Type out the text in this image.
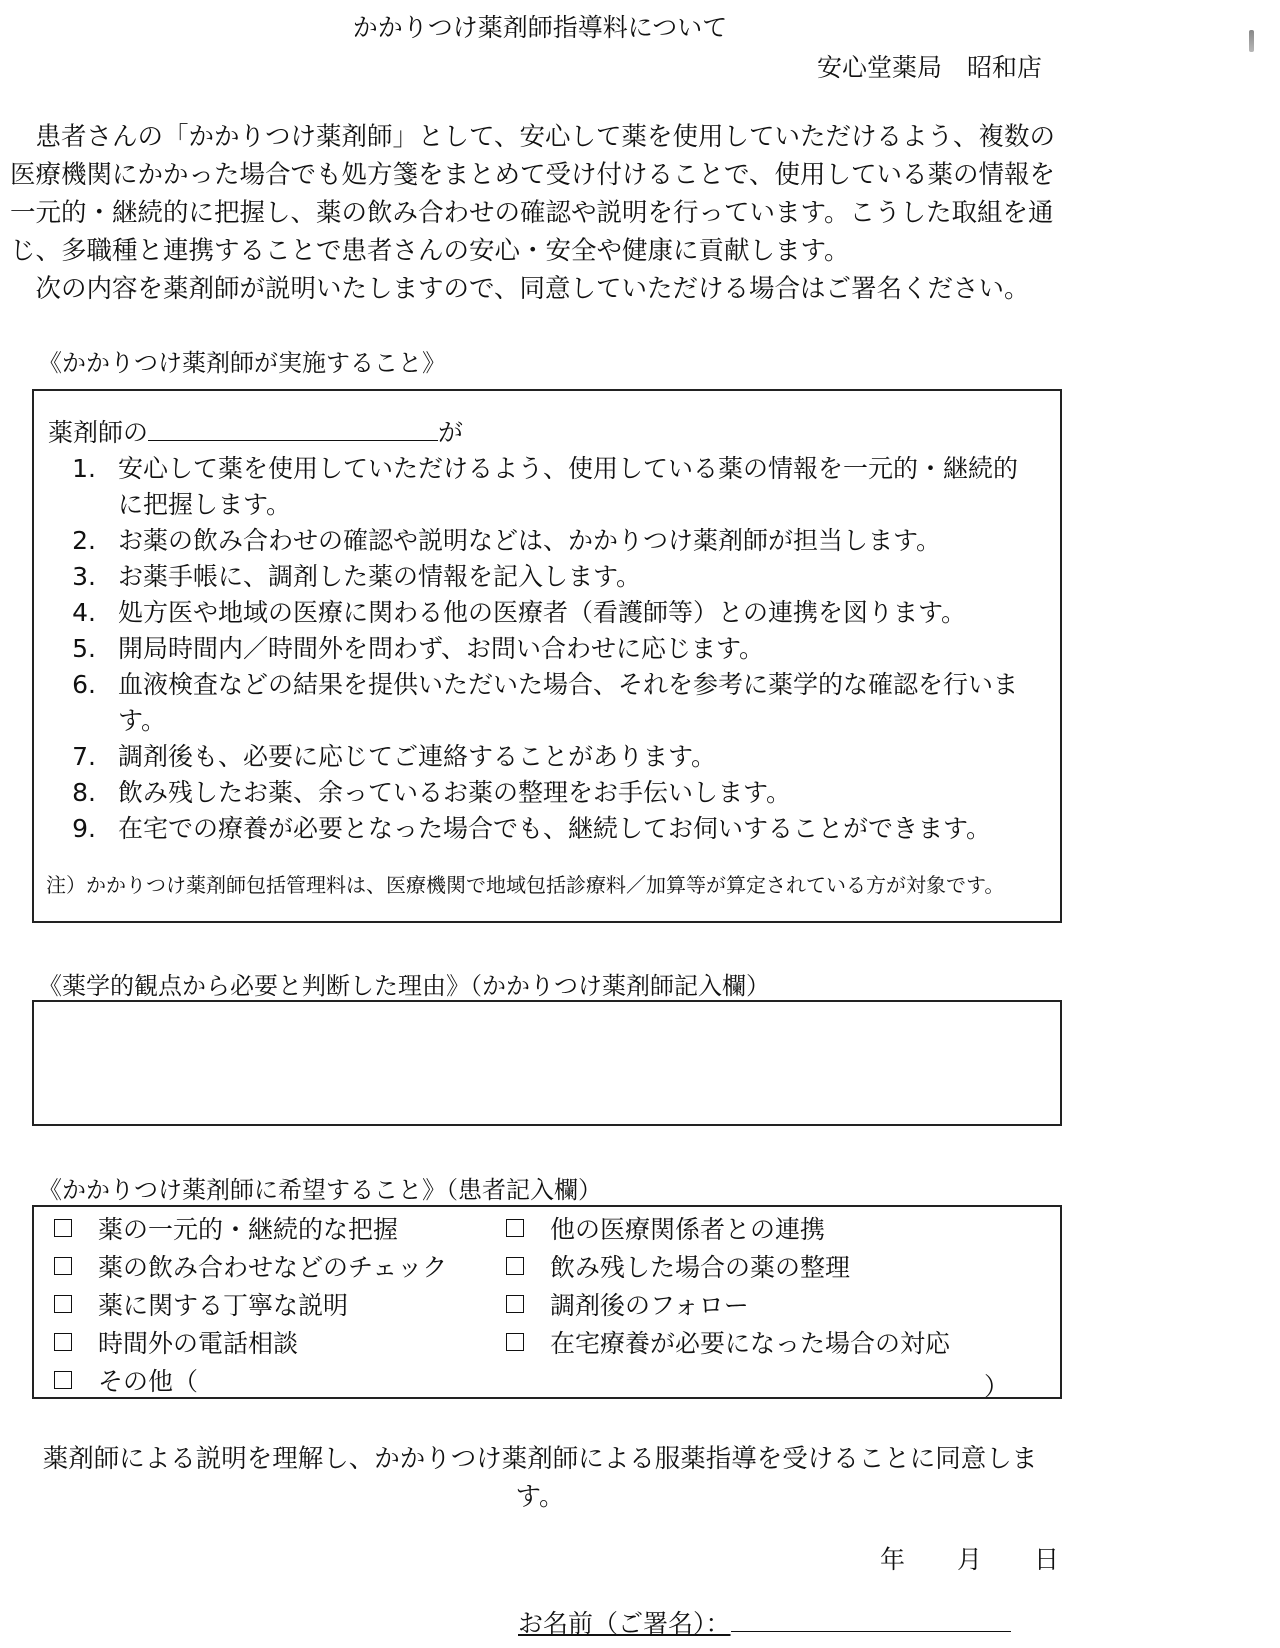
かかりつけ薬剤師指導料について
安心堂薬局　昭和店

患者さんの「かかりつけ薬剤師」として、安心して薬を使用していただけるよう、複数の医療機関にかかった場合でも処方箋をまとめて受け付けることで、使用している薬の情報を一元的・継続的に把握し、薬の飲み合わせの確認や説明を行っています。こうした取組を通じ、多職種と連携することで患者さんの安心・安全や健康に貢献します。

次の内容を薬剤師が説明いたしますので、同意していただける場合はご署名ください。

《かかりつけ薬剤師が実施すること》
薬剤師の	が
1. 安心して薬を使用していただけるよう、使用している薬の情報を一元的・継続的に把握します。
2. お薬の飲み合わせの確認や説明などは、かかりつけ薬剤師が担当します。
3. お薬手帳に、調剤した薬の情報を記入します。
4. 処方医や地域の医療に関わる他の医療者（看護師等）との連携を図ります。
5. 開局時間内／時間外を問わず、お問い合わせに応じます。
6. 血液検査などの結果を提供いただいた場合、それを参考に薬学的な確認を行います。
7. 調剤後も、必要に応じてご連絡することがあります。
8. 飲み残したお薬、余っているお薬の整理をお手伝いします。
9. 在宅での療養が必要となった場合でも、継続してお伺いすることができます。
注）かかりつけ薬剤師包括管理料は、医療機関で地域包括診療料／加算等が算定されている方が対象です。
《薬学的観点から必要と判断した理由》（かかりつけ薬剤師記入欄）
《かかりつけ薬剤師に希望すること》（患者記入欄）
薬の一元的・継続的な把握
薬の飲み合わせなどのチェック
薬に関する丁寧な説明
時間外の電話相談
その他（
他の医療関係者との連携
飲み残した場合の薬の整理
調剤後のフォロー
在宅療養が必要になった場合の対応
）
薬剤師による説明を理解し、かかりつけ薬剤師による服薬指導を受けることに同意します。
年 月 日
お名前（ご署名）：
